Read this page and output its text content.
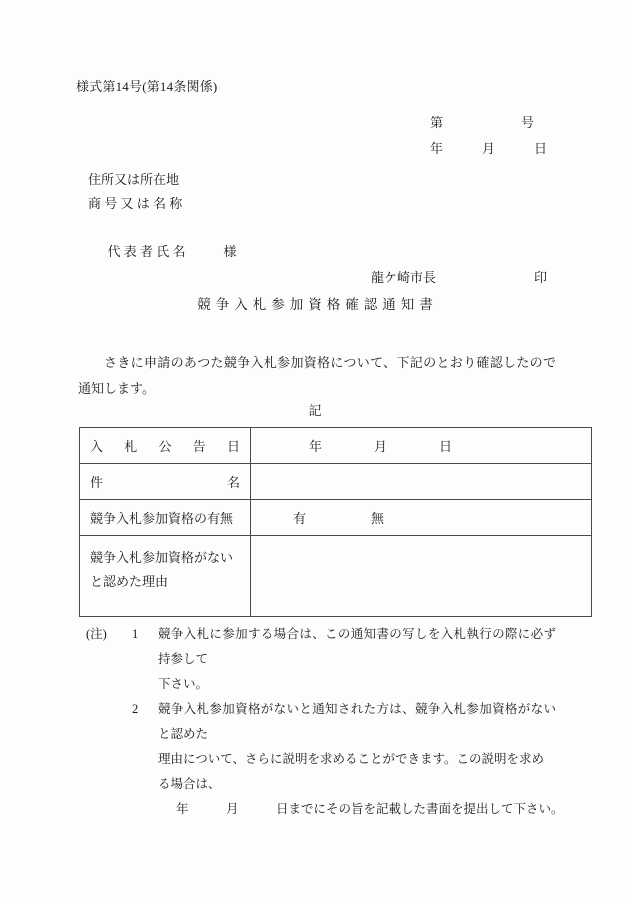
様式第14号(第14条関係)
第　　　　　　号
年　　　月　　　日
住所又は所在地
商 号 又 は 名 称

代 表 者 氏 名	様

龍ケ崎市長	印

競争入札参加資格確認通知書
さきに申請のあつた競争入札参加資格について、下記のとおり確認したので通知します。
記
入 札 公 告 日	年　　　　月　　　　日

件 名	

競争入札参加資格の有無	有　　　　　無

競争入札参加資格がないと認めた理由	

(注)	1	競争入札に参加する場合は、この通知書の写しを入札執行の際に必ず持参して
下さい。
2	競争入札参加資格がないと通知された方は、競争入札参加資格がないと認めた
理由について、さらに説明を求めることができます。この説明を求める場合は、
年　　　月　　　日までにその旨を記載した書面を提出して下さい。
